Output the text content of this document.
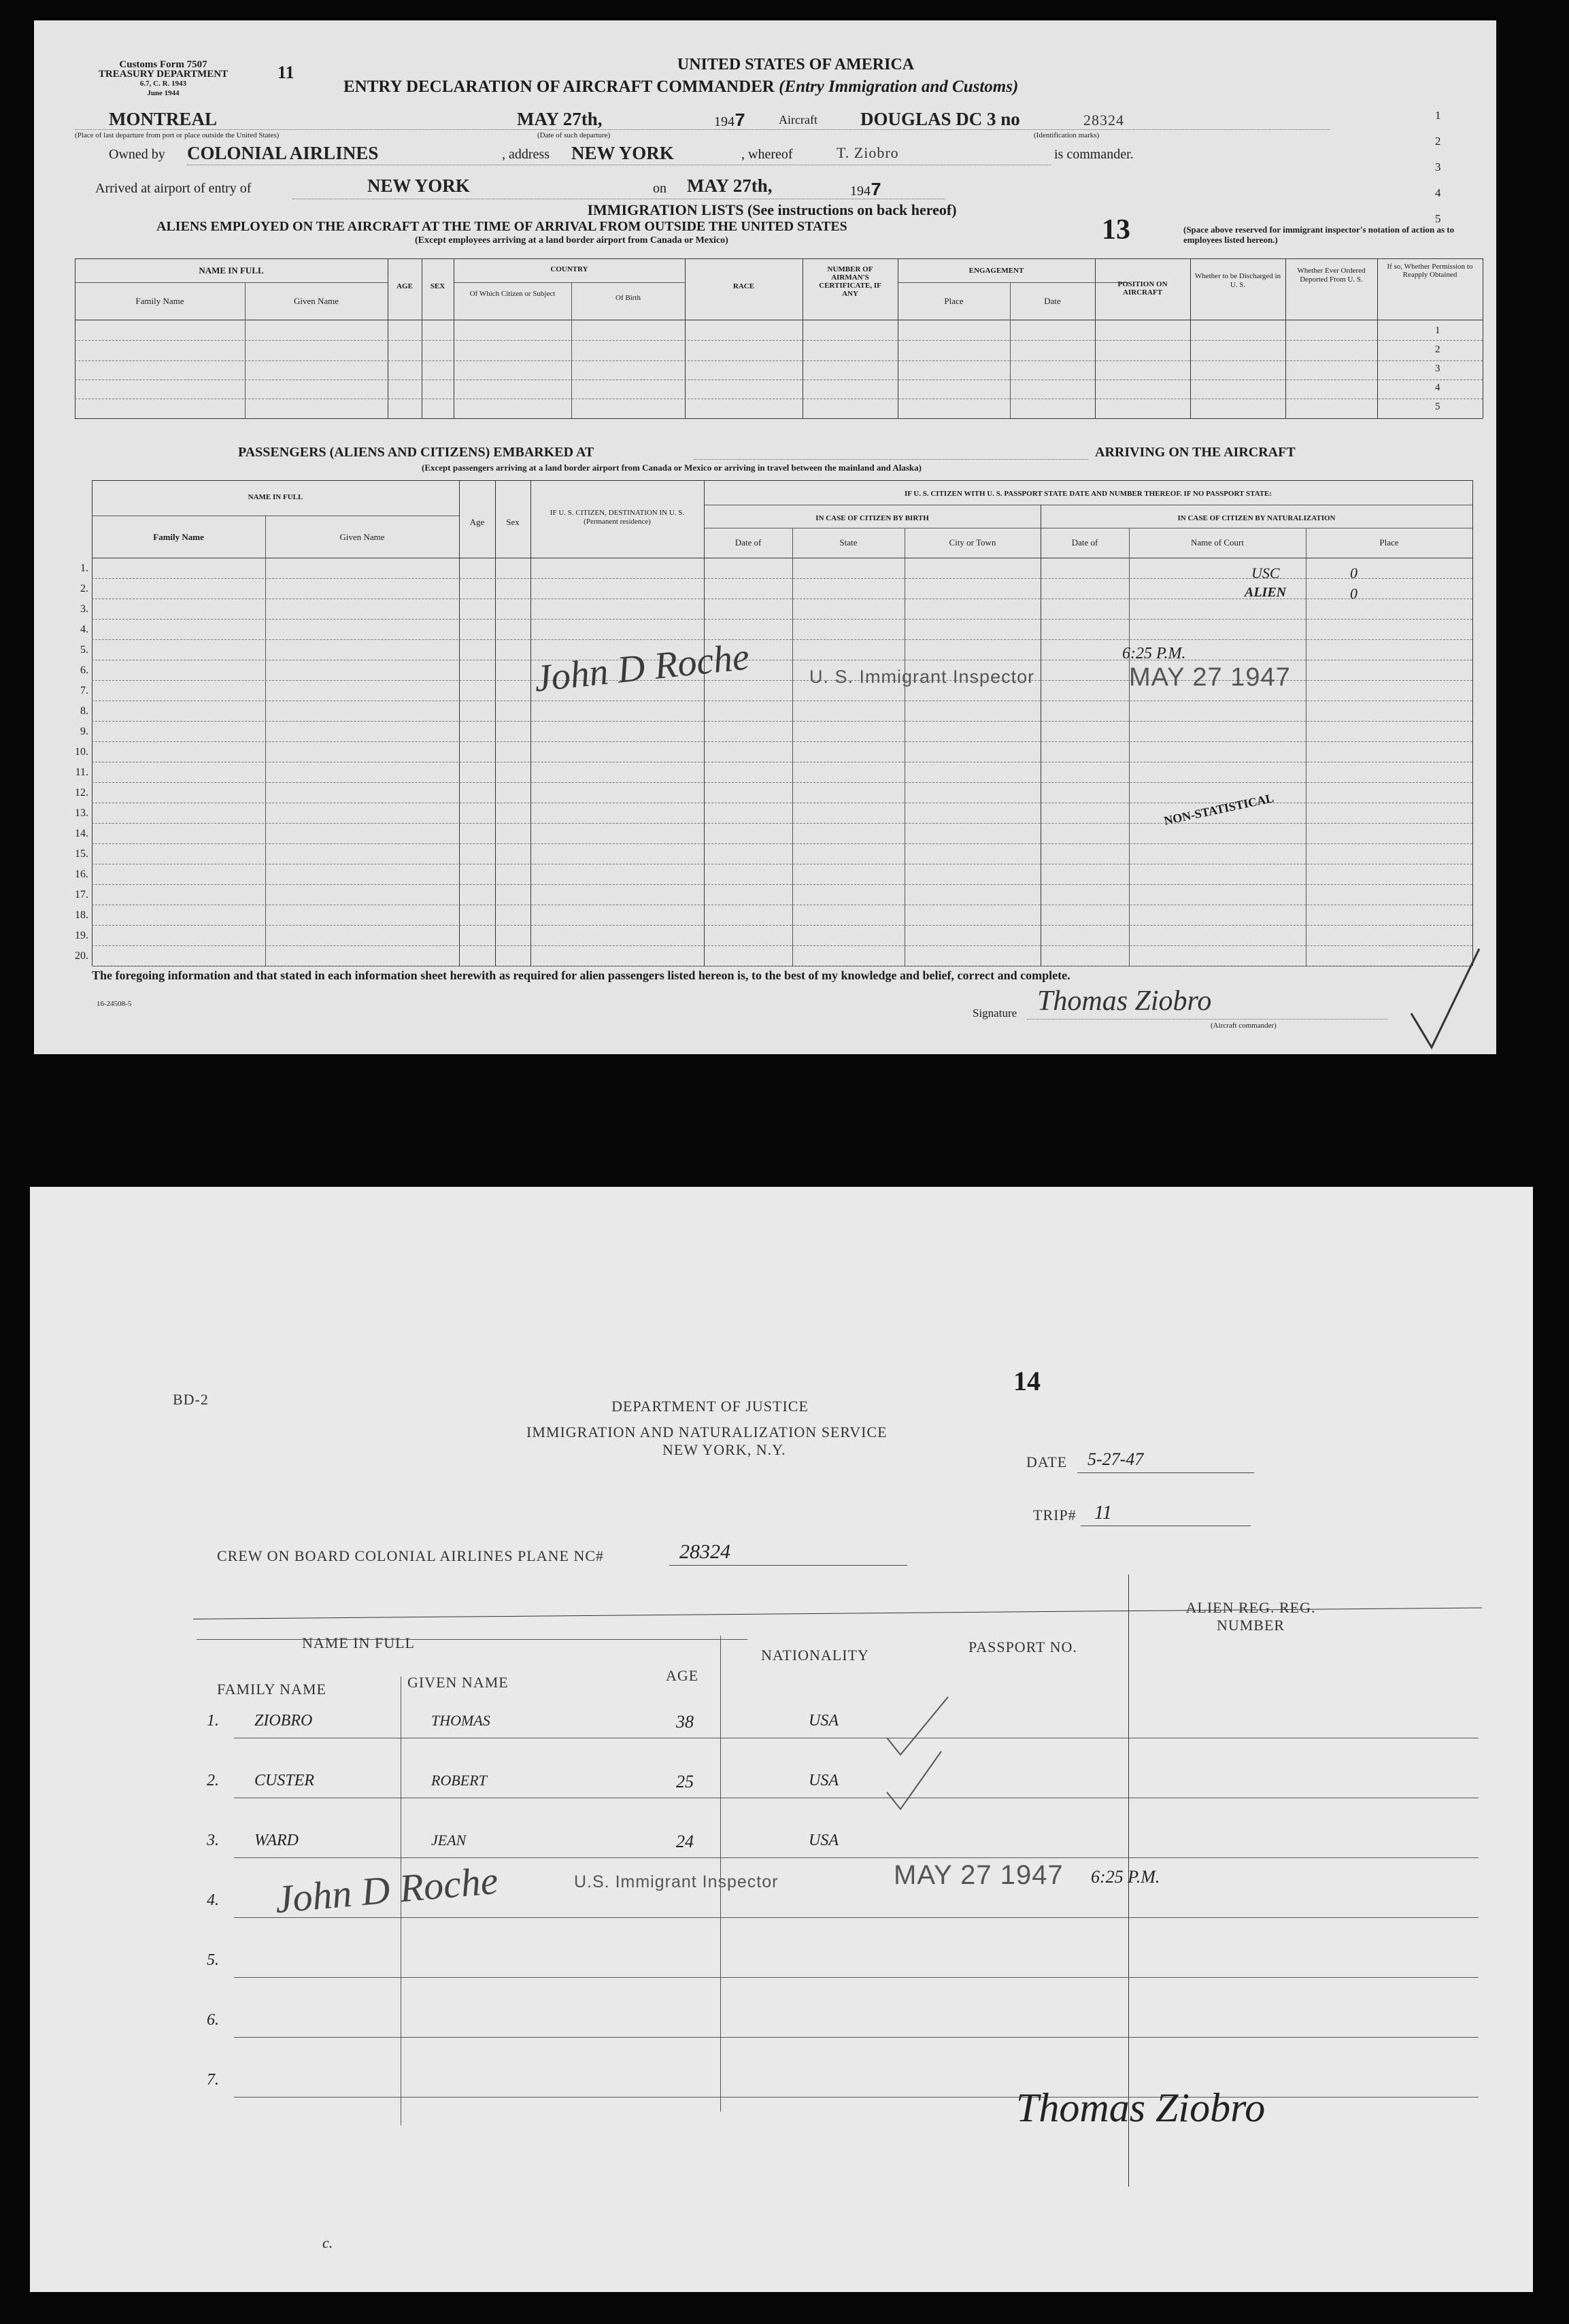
Customs Form 7507
TREASURY DEPARTMENT
6.7, C. R. 1943
June 1944
11	UNITED STATES OF AMERICA
ENTRY DECLARATION OF AIRCRAFT COMMANDER (Entry Immigration and Customs)
MONTREAL
(Place of last departure from port or place outside the United States)
MAY 27th,
(Date of such departure)
1947	Aircraft DOUGLAS DC 3 no	28324
(Identification marks)
Owned by COLONIAL AIRLINES	, address NEW YORK	, whereof	T. Ziobro	is commander.
Arrived at airport of entry of	NEW YORK	on MAY 27th,	1947
1
2
3
4
5
IMMIGRATION LISTS (See instructions on back hereof)
ALIENS EMPLOYED ON THE AIRCRAFT AT THE TIME OF ARRIVAL FROM OUTSIDE THE UNITED STATES
(Except employees arriving at a land border airport from Canada or Mexico)	13	(Space above reserved for immigrant inspector's notation of action as to employees listed hereon.)
NAME IN FULL
Family Name	Given Name
AGE	SEX
COUNTRY
Of Which Citizen or Subject	Of Birth
RACE
NUMBER OF AIRMAN'S CERTIFICATE, IF ANY
ENGAGEMENT
Place	Date
POSITION ON AIRCRAFT
Whether to be Discharged in U. S.
Whether Ever Ordered Deported From U. S.
If so, Whether Permission to Reapply Obtained
1
2
3
4
5
PASSENGERS (ALIENS AND CITIZENS) EMBARKED AT	ARRIVING ON THE AIRCRAFT
(Except passengers arriving at a land border airport from Canada or Mexico or arriving in travel between the mainland and Alaska)
NAME IN FULL
Family Name	Given Name
Age	Sex
IF U. S. CITIZEN, DESTINATION IN U. S. (Permanent residence)
IF U. S. CITIZEN WITH U. S. PASSPORT STATE DATE AND NUMBER THEREOF. IF NO PASSPORT STATE:
IN CASE OF CITIZEN BY BIRTH	IN CASE OF CITIZEN BY NATURALIZATION
Date of	State	City or Town	Date of	Name of Court	Place
1.
2.
3.
4.
5.
6.
7.
8.
9.
10.
11.
12.
13.
14.
15.
16.
17.
18.
19.
20.
USC	0
ALIEN	0
John D Roche	U. S. Immigrant Inspector
6:25 P.M.
MAY 27 1947
NON-STATISTICAL
The foregoing information and that stated in each information sheet herewith as required for alien passengers listed hereon is, to the best of my knowledge and belief, correct and complete.
16-24508-5
Signature Thomas Ziobro
(Aircraft commander)
BD-2
14
DEPARTMENT OF JUSTICE
IMMIGRATION AND NATURALIZATION SERVICE
NEW YORK, N.Y.
DATE 5-27-47
TRIP# 11
CREW ON BOARD COLONIAL AIRLINES PLANE NC#	28324
NAME IN FULL
FAMILY NAME	GIVEN NAME	AGE
NATIONALITY	PASSPORT NO.
ALIEN REG. REG. NUMBER
1. ZIOBRO	THOMAS	38	USA
2. CUSTER	ROBERT	25	USA
3. WARD	JEAN	24	USA
4.
5.
6.
7.
John D Roche	U.S. Immigrant Inspector	MAY 27 1947 6:25 P.M.
Thomas Ziobro
c.
